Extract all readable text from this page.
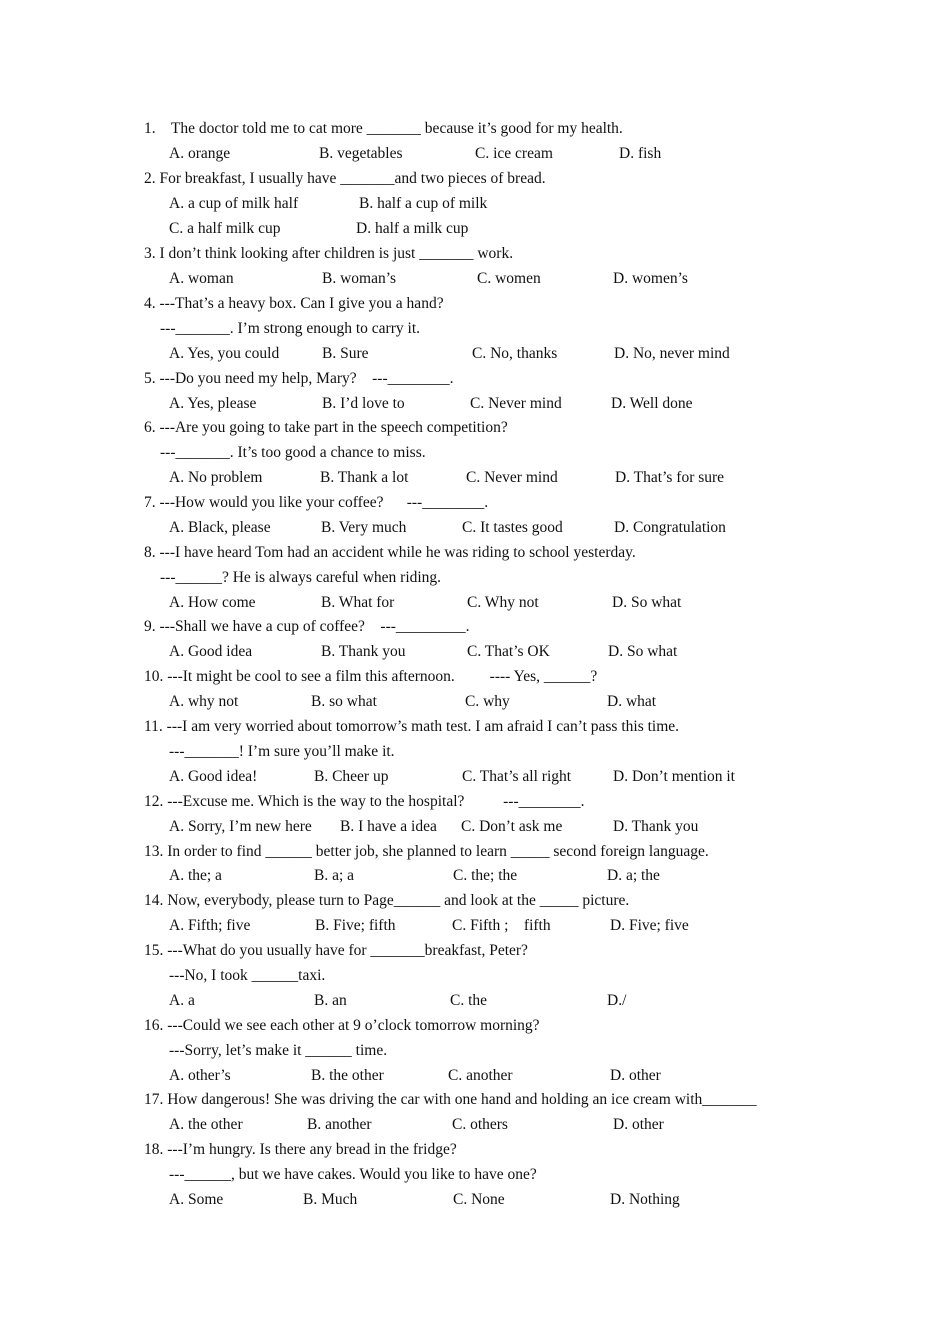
1.    The doctor told me to cat more _______ because it’s good for my health.
A. orange	B. vegetables	C. ice cream	D. fish
2. For breakfast, I usually have _______and two pieces of bread.
A. a cup of milk half	B. half a cup of milk
C. a half milk cup	D. half a milk cup
3. I don’t think looking after children is just _______ work.
A. woman	B. woman’s	C. women	D. women’s
4. ---That’s a heavy box. Can I give you a hand?
---_______. I’m strong enough to carry it.
A. Yes, you could	B. Sure	C. No, thanks	D. No, never mind
5. ---Do you need my help, Mary?    ---________.
A. Yes, please	B. I’d love to	C. Never mind	D. Well done
6. ---Are you going to take part in the speech competition?
---_______. It’s too good a chance to miss.
A. No problem	B. Thank a lot	C. Never mind	D. That’s for sure
7. ---How would you like your coffee?      ---________.
A. Black, please	B. Very much	C. It tastes good	D. Congratulation
8. ---I have heard Tom had an accident while he was riding to school yesterday.
---______? He is always careful when riding.
A. How come	B. What for	C. Why not	D. So what
9. ---Shall we have a cup of coffee?    ---_________.
A. Good idea	B. Thank you	C. That’s OK	D. So what
10. ---It might be cool to see a film this afternoon.         ---- Yes, ______?
A. why not	B. so what	C. why	D. what
11. ---I am very worried about tomorrow’s math test. I am afraid I can’t pass this time.
---_______! I’m sure you’ll make it.
A. Good idea!	B. Cheer up	C. That’s all right	D. Don’t mention it
12. ---Excuse me. Which is the way to the hospital?          ---________.
A. Sorry, I’m new here B. I have a idea C. Don’t ask me	D. Thank you
13. In order to find ______ better job, she planned to learn _____ second foreign language.
A. the; a	B. a; a	C. the; the	D. a; the
14. Now, everybody, please turn to Page______ and look at the _____ picture.
A. Fifth; five	B. Five; fifth	C. Fifth ;    fifth	D. Five; five
15. ---What do you usually have for _______breakfast, Peter?
---No, I took ______taxi.
A. a	B. an	C. the	D./
16. ---Could we see each other at 9 o’clock tomorrow morning?
---Sorry, let’s make it ______ time.
A. other’s	B. the other	C. another	D. other
17. How dangerous! She was driving the car with one hand and holding an ice cream with_______
A. the other	B. another	C. others	D. other
18. ---I’m hungry. Is there any bread in the fridge?
---______, but we have cakes. Would you like to have one?
A. Some	B. Much	C. None	D. Nothing
